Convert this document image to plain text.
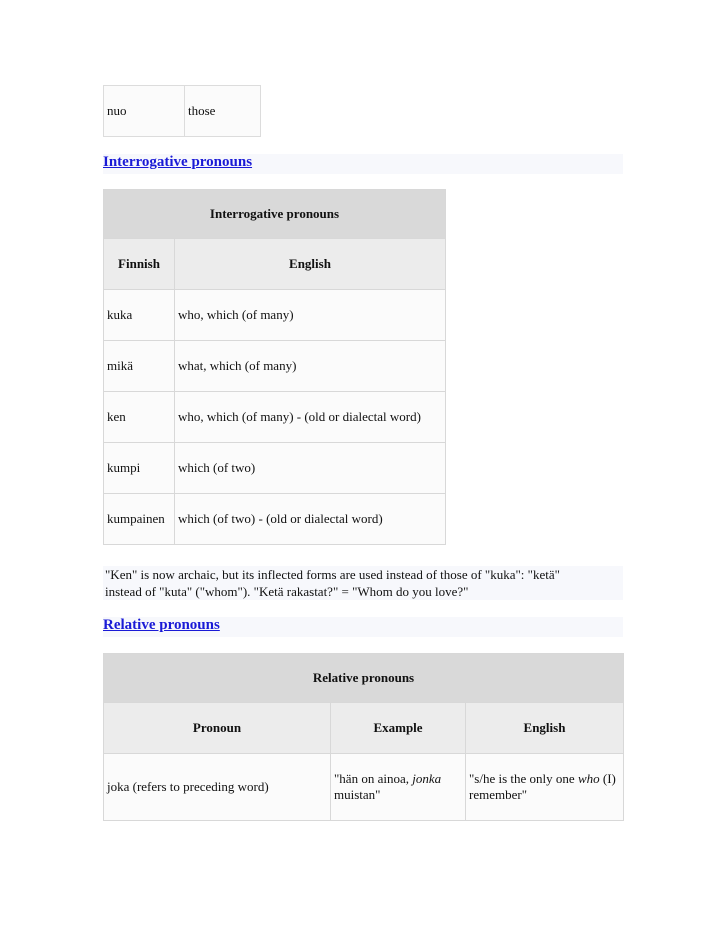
nuo	those
Interrogative pronouns
Interrogative pronouns	
Finnish	English
kuka	who, which (of many)
mikä	what, which (of many)
ken	who, which (of many) - (old or dialectal word)
kumpi	which (of two)
kumpainen	which (of two) - (old or dialectal word)
"Ken" is now archaic, but its inflected forms are used instead of those of "kuka": "ketä"
instead of "kuta" ("whom"). "Ketä rakastat?" = "Whom do you love?"
Relative pronouns
Relative pronouns		
Pronoun	Example	English
joka (refers to preceding word)	"hän on ainoa, jonka muistan"	"s/he is the only one who (I) remember"
